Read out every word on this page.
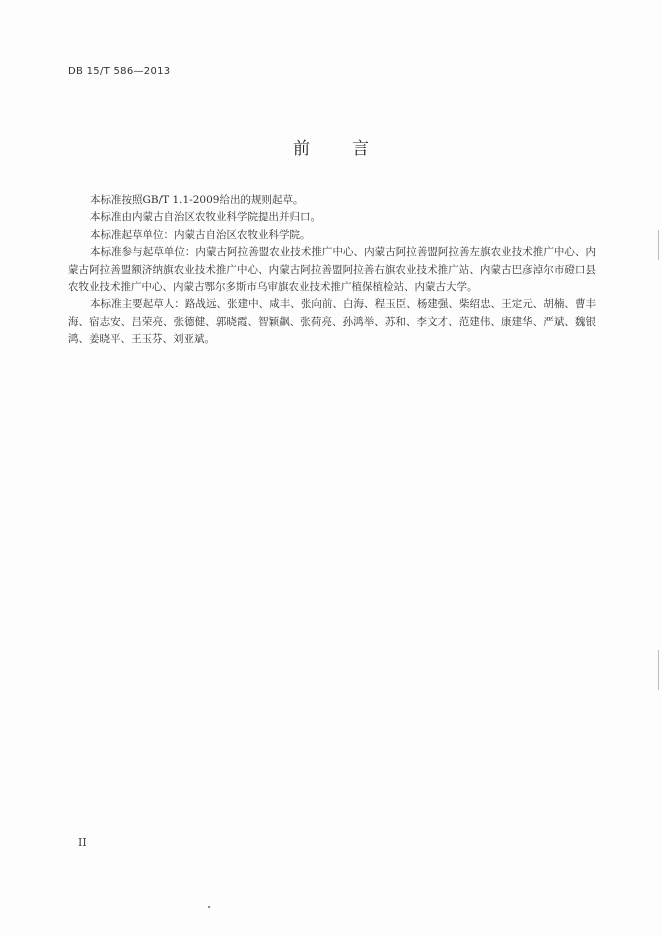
DB 15/T 586—2013
前 言

本标准按照GB/T 1.1-2009给出的规则起草。

本标准由内蒙古自治区农牧业科学院提出并归口。

本标准起草单位：内蒙古自治区农牧业科学院。

本标准参与起草单位：内蒙古阿拉善盟农业技术推广中心、内蒙古阿拉善盟阿拉善左旗农业技术推广中心、内蒙古阿拉善盟额济纳旗农业技术推广中心、内蒙古阿拉善盟阿拉善右旗农业技术推广站、内蒙古巴彦淖尔市磴口县农牧业技术推广中心、内蒙古鄂尔多斯市乌审旗农业技术推广植保植检站、内蒙古大学。

本标准主要起草人：路战远、张建中、咸丰、张向前、白海、程玉臣、杨建强、柴绍忠、王定元、胡楠、曹丰海、宿志安、吕荣亮、张德健、郭晓霞、智颖飙、张荷亮、孙鸿举、苏和、李文才、范建伟、康建华、严斌、魏银鸿、姜晓平、王玉芬、刘亚斌。

II
